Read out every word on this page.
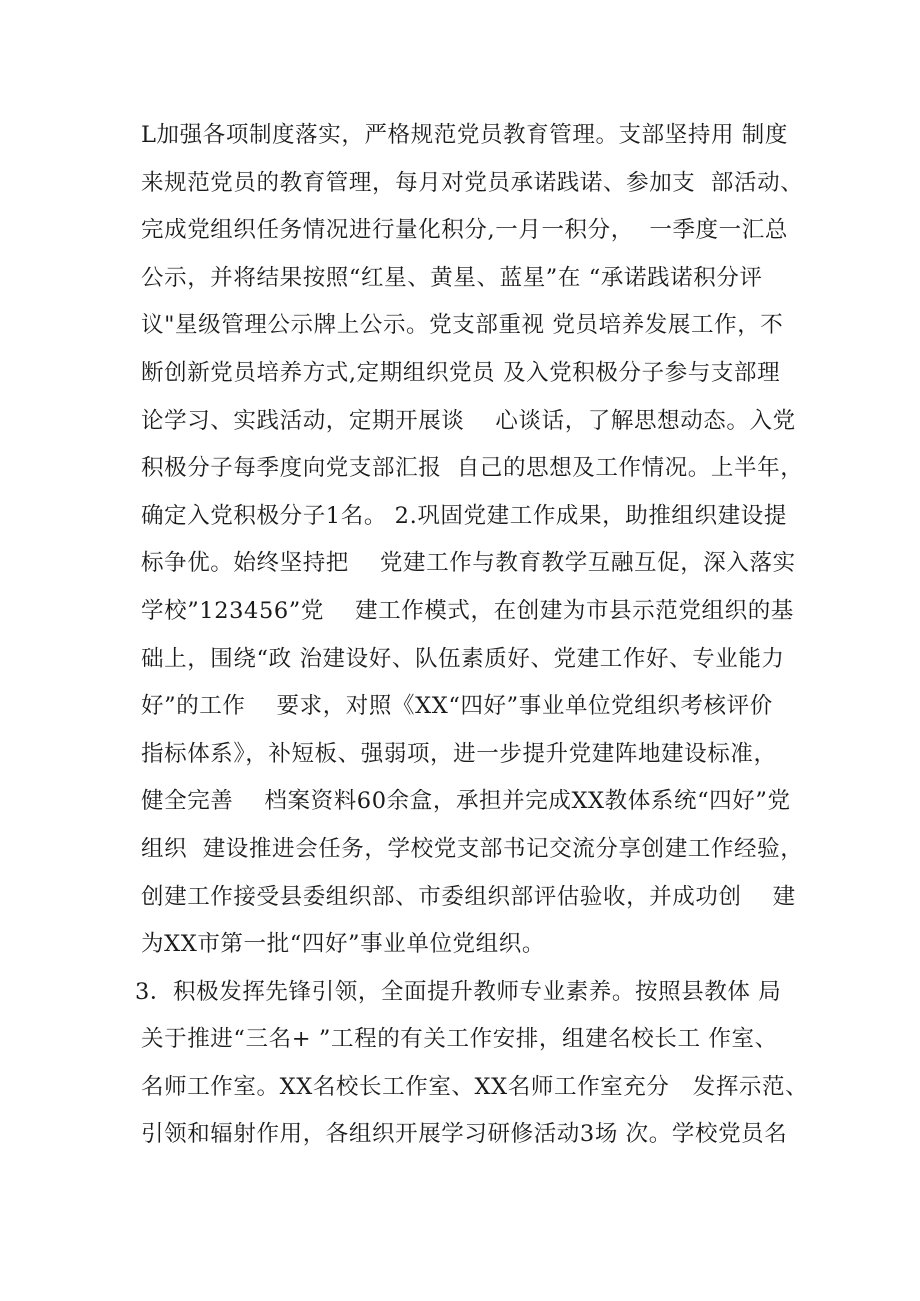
L加强各项制度落实，严格规范党员教育管理。支部坚持用 制度
来规范党员的教育管理，每月对党员承诺践诺、参加支  部活动、
完成党组织任务情况进行量化积分,一月一积分，  一季度一汇总
公示，并将结果按照“红星、黄星、蓝星”在 “承诺践诺积分评
议"星级管理公示牌上公示。党支部重视 党员培养发展工作，不
断创新党员培养方式,定期组织党员 及入党积极分子参与支部理
论学习、实践活动，定期开展谈    心谈话，了解思想动态。入党
积极分子每季度向党支部汇报  自己的思想及工作情况。上半年，
确定入党积极分子1名。 2.巩固党建工作成果，助推组织建设提
标争优。始终坚持把    党建工作与教育教学互融互促，深入落实
学校”123456”党    建工作模式，在创建为市县示范党组织的基
础上，围绕“政 治建设好、队伍素质好、党建工作好、专业能力
好”的工作    要求，对照《XX“四好”事业单位党组织考核评价
指标体系》，补短板、强弱项，进一步提升党建阵地建设标准，
健全完善    档案资料60余盒，承担并完成XX教体系统“四好”党
组织  建设推进会任务，学校党支部书记交流分享创建工作经验，
创建工作接受县委组织部、市委组织部评估验收，并成功创    建
为XX市第一批“四好”事业单位党组织。
3．积极发挥先锋引领，全面提升教师专业素养。按照县教体 局
关于推进“三名+ ”工程的有关工作安排，组建名校长工 作室、
名师工作室。XX名校长工作室、XX名师工作室充分   发挥示范、
引领和辐射作用，各组织开展学习研修活动3场 次。学校党员名
